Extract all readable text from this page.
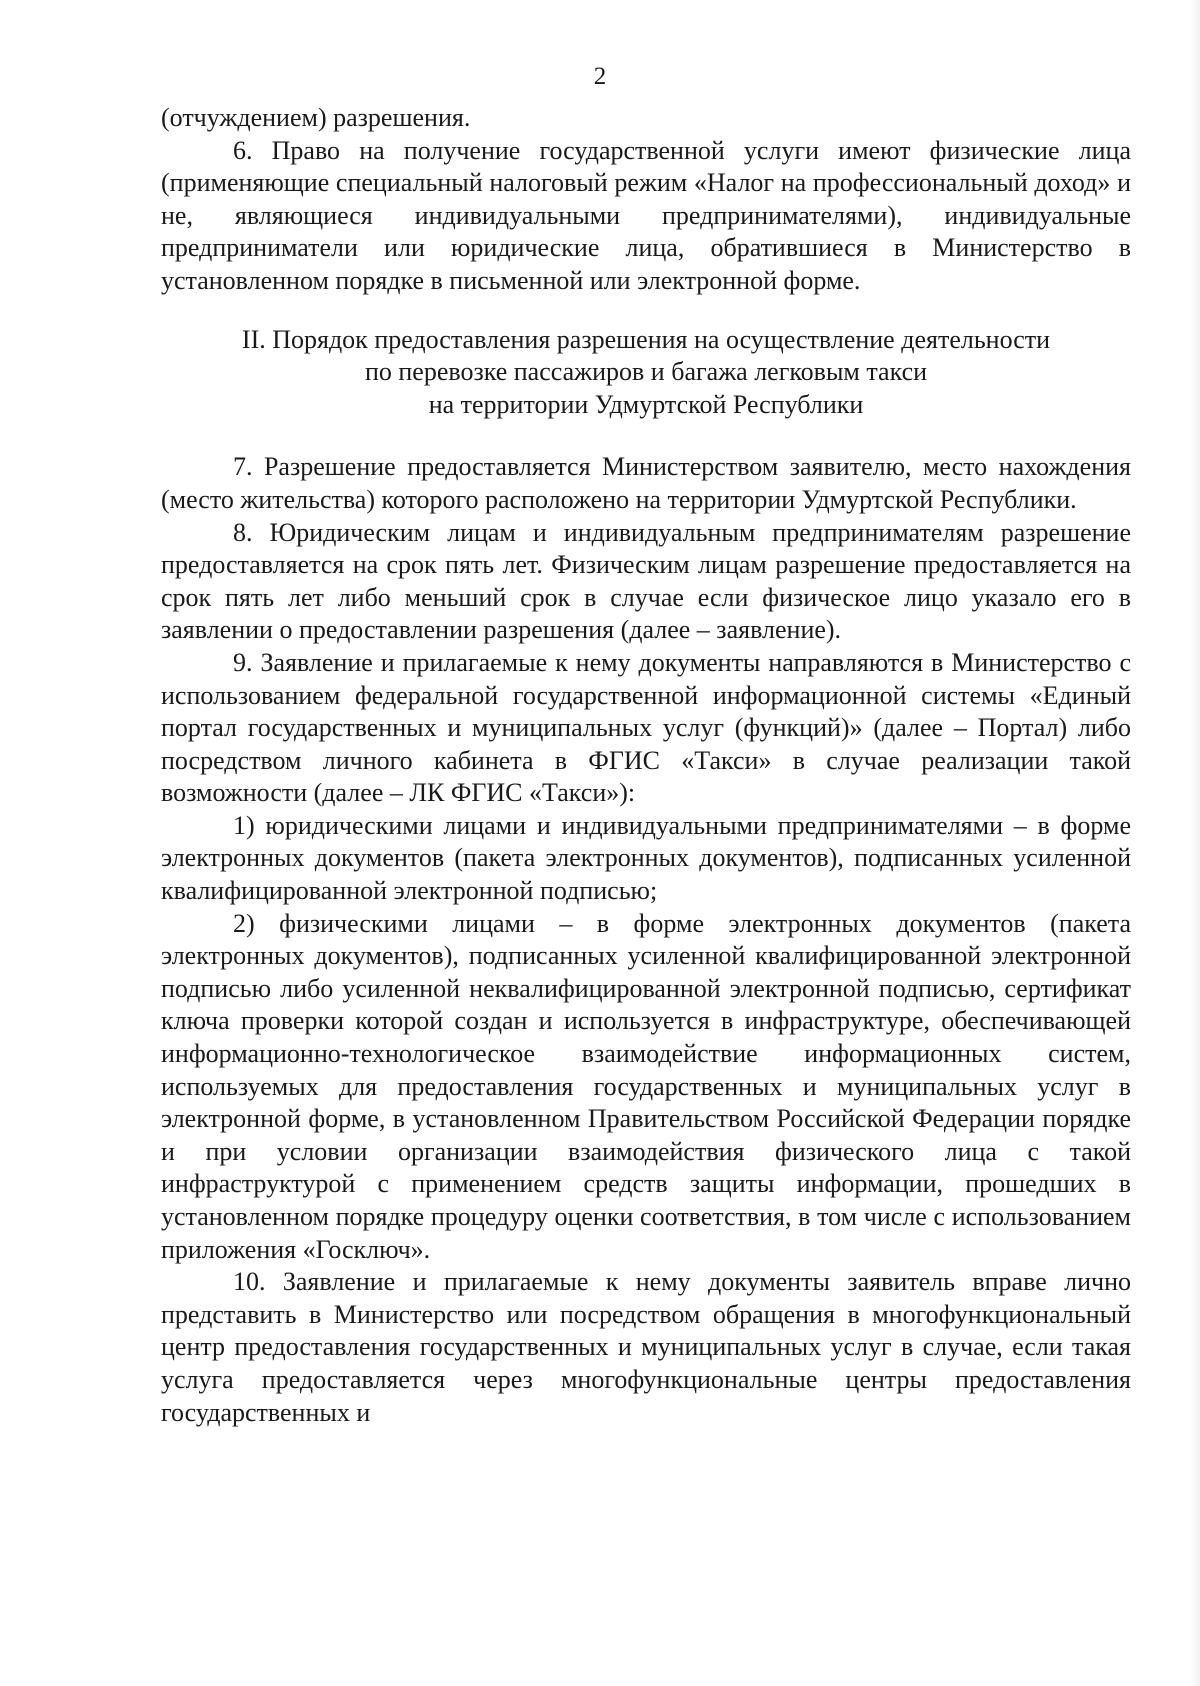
2

(отчуждением) разрешения.

6. Право на получение государственной услуги имеют физические лица (применяющие специальный налоговый режим «Налог на профессиональный доход» и не, являющиеся индивидуальными предпринимателями), индивидуальные предприниматели или юридические лица, обратившиеся в Министерство в установленном порядке в письменной или электронной форме.

II. Порядок предоставления разрешения на осуществление деятельности
по перевозке пассажиров и багажа легковым такси
на территории Удмуртской Республики

7. Разрешение предоставляется Министерством заявителю, место нахождения (место жительства) которого расположено на территории Удмуртской Республики.

8. Юридическим лицам и индивидуальным предпринимателям разрешение предоставляется на срок пять лет. Физическим лицам разрешение предоставляется на срок пять лет либо меньший срок в случае если физическое лицо указало его в заявлении о предоставлении разрешения (далее – заявление).

9. Заявление и прилагаемые к нему документы направляются в Министерство с использованием федеральной государственной информационной системы «Единый портал государственных и муниципальных услуг (функций)» (далее – Портал) либо посредством личного кабинета в ФГИС «Такси» в случае реализации такой возможности (далее – ЛК ФГИС «Такси»):

1) юридическими лицами и индивидуальными предпринимателями – в форме электронных документов (пакета электронных документов), подписанных усиленной квалифицированной электронной подписью;

2) физическими лицами – в форме электронных документов (пакета электронных документов), подписанных усиленной квалифицированной электронной подписью либо усиленной неквалифицированной электронной подписью, сертификат ключа проверки которой создан и используется в инфраструктуре, обеспечивающей информационно-технологическое взаимодействие информационных систем, используемых для предоставления государственных и муниципальных услуг в электронной форме, в установленном Правительством Российской Федерации порядке и при условии организации взаимодействия физического лица с такой инфраструктурой с применением средств защиты информации, прошедших в установленном порядке процедуру оценки соответствия, в том числе с использованием приложения «Госключ».

10. Заявление и прилагаемые к нему документы заявитель вправе лично представить в Министерство или посредством обращения в многофункциональный центр предоставления государственных и муниципальных услуг в случае, если такая услуга предоставляется через многофункциональные центры предоставления государственных и
